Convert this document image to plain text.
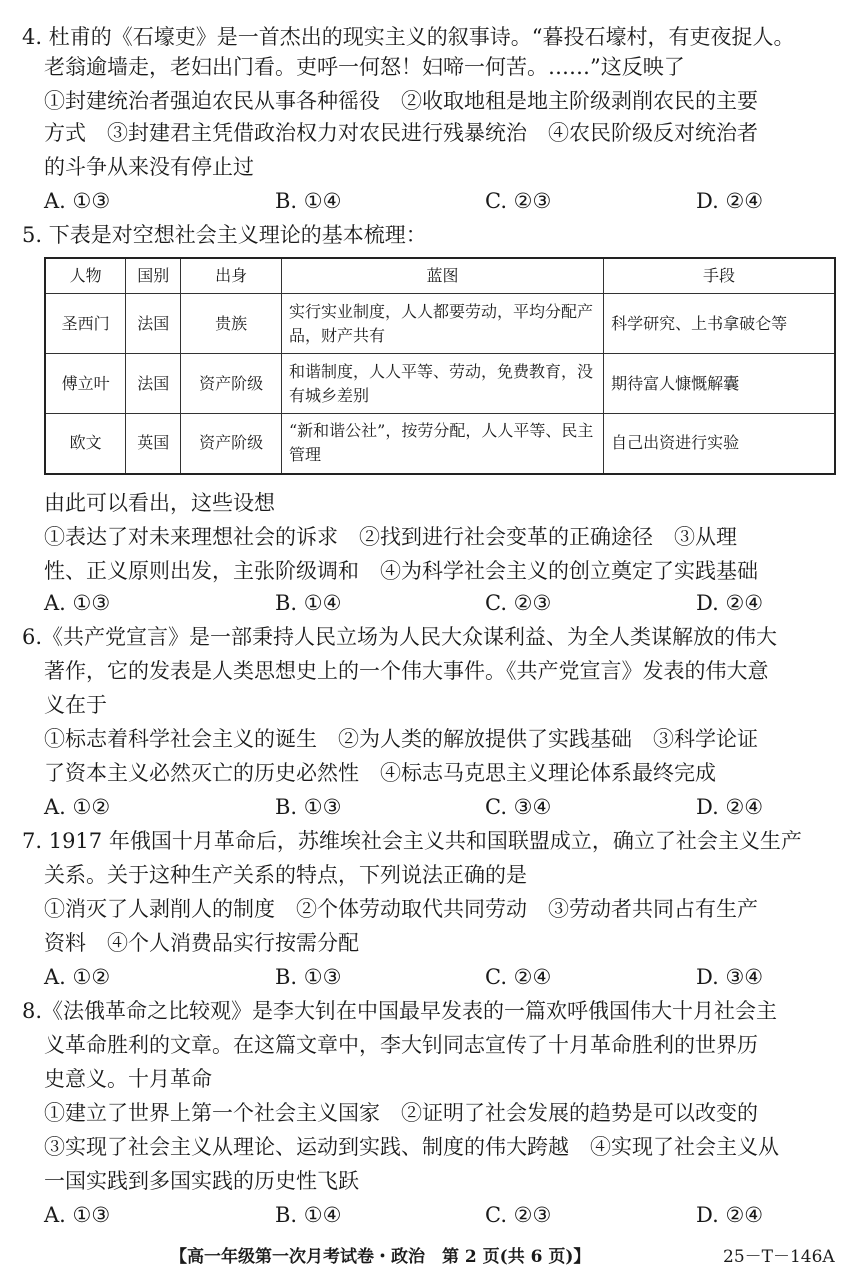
4. 杜甫的《石壕吏》是一首杰出的现实主义的叙事诗。“暮投石壕村，有吏夜捉人。
老翁逾墙走，老妇出门看。吏呼一何怒！妇啼一何苦。……”这反映了
①封建统治者强迫农民从事各种徭役　②收取地租是地主阶级剥削农民的主要
方式　③封建君主凭借政治权力对农民进行残暴统治　④农民阶级反对统治者
的斗争从来没有停止过
A. ①③	B. ①④	C. ②③	D. ②④
5. 下表是对空想社会主义理论的基本梳理：
人物	国别	出身	蓝图	手段
圣西门	法国	贵族	实行实业制度，人人都要劳动，平均分配产品，财产共有	科学研究、上书拿破仑等
傅立叶	法国	资产阶级	和谐制度，人人平等、劳动，免费教育，没有城乡差别	期待富人慷慨解囊
欧文	英国	资产阶级	“新和谐公社”，按劳分配，人人平等、民主管理	自己出资进行实验
由此可以看出，这些设想
①表达了对未来理想社会的诉求　②找到进行社会变革的正确途径　③从理
性、正义原则出发，主张阶级调和　④为科学社会主义的创立奠定了实践基础
A. ①③	B. ①④	C. ②③	D. ②④
6.《共产党宣言》是一部秉持人民立场为人民大众谋利益、为全人类谋解放的伟大
著作，它的发表是人类思想史上的一个伟大事件。《共产党宣言》发表的伟大意
义在于
①标志着科学社会主义的诞生　②为人类的解放提供了实践基础　③科学论证
了资本主义必然灭亡的历史必然性　④标志马克思主义理论体系最终完成
A. ①②	B. ①③	C. ③④	D. ②④
7. 1917 年俄国十月革命后，苏维埃社会主义共和国联盟成立，确立了社会主义生产
关系。关于这种生产关系的特点，下列说法正确的是
①消灭了人剥削人的制度　②个体劳动取代共同劳动　③劳动者共同占有生产
资料　④个人消费品实行按需分配
A. ①②	B. ①③	C. ②④	D. ③④
8.《法俄革命之比较观》是李大钊在中国最早发表的一篇欢呼俄国伟大十月社会主
义革命胜利的文章。在这篇文章中，李大钊同志宣传了十月革命胜利的世界历
史意义。十月革命
①建立了世界上第一个社会主义国家　②证明了社会发展的趋势是可以改变的
③实现了社会主义从理论、运动到实践、制度的伟大跨越　④实现了社会主义从
一国实践到多国实践的历史性飞跃
A. ①③	B. ①④	C. ②③	D. ②④
【高一年级第一次月考试卷・政治　第 2 页(共 6 页)】	25－T－146A
